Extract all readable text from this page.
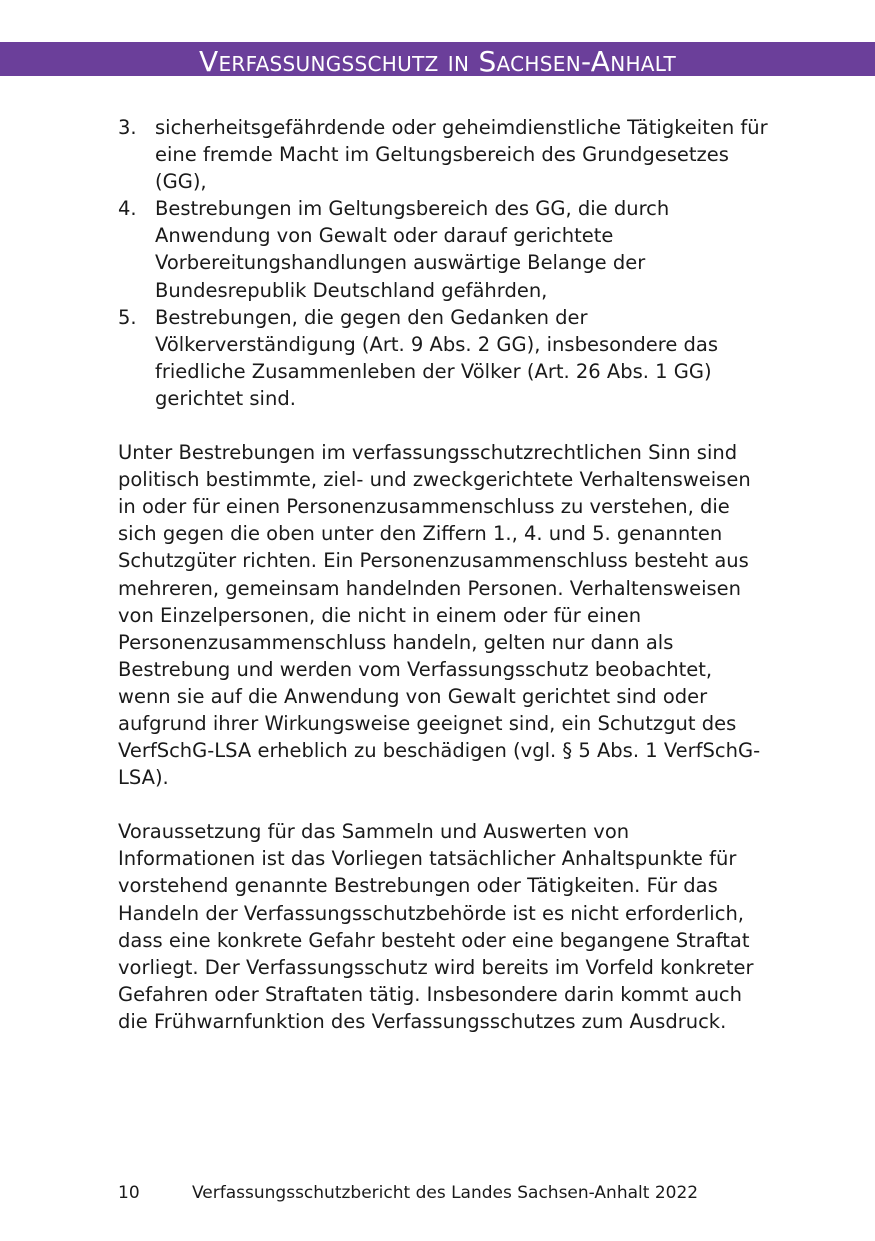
Verfassungsschutz in Sachsen-Anhalt
3. sicherheitsgefährdende oder geheimdienstliche Tätigkeiten für eine fremde Macht im Geltungsbereich des Grundgesetzes (GG),
4. Bestrebungen im Geltungsbereich des GG, die durch Anwendung von Gewalt oder darauf gerichtete Vorbereitungshandlungen auswärtige Belange der Bundesrepublik Deutschland gefährden,
5. Bestrebungen, die gegen den Gedanken der Völkerverständigung (Art. 9 Abs. 2 GG), insbesondere das friedliche Zusammenleben der Völker (Art. 26 Abs. 1 GG) gerichtet sind.

Unter Bestrebungen im verfassungsschutzrechtlichen Sinn sind politisch bestimmte, ziel- und zweckgerichtete Verhaltensweisen in oder für einen Personenzusammenschluss zu verstehen, die sich gegen die oben unter den Ziffern 1., 4. und 5. genannten Schutzgüter richten. Ein Personenzusammenschluss besteht aus mehreren, gemeinsam handelnden Personen. Verhaltensweisen von Einzelpersonen, die nicht in einem oder für einen Personenzusammenschluss handeln, gelten nur dann als Bestrebung und werden vom Verfassungsschutz beobachtet, wenn sie auf die Anwendung von Gewalt gerichtet sind oder aufgrund ihrer Wirkungsweise geeignet sind, ein Schutzgut des VerfSchG-LSA erheblich zu beschädigen (vgl. § 5 Abs. 1 VerfSchG-LSA).

Voraussetzung für das Sammeln und Auswerten von Informationen ist das Vorliegen tatsächlicher Anhaltspunkte für vorstehend genannte Bestrebungen oder Tätigkeiten. Für das Handeln der Verfassungsschutzbehörde ist es nicht erforderlich, dass eine konkrete Gefahr besteht oder eine begangene Straftat vorliegt. Der Verfassungsschutz wird bereits im Vorfeld konkreter Gefahren oder Straftaten tätig. Insbesondere darin kommt auch die Frühwarnfunktion des Verfassungsschutzes zum Ausdruck.

10	Verfassungsschutzbericht des Landes Sachsen-Anhalt 2022
